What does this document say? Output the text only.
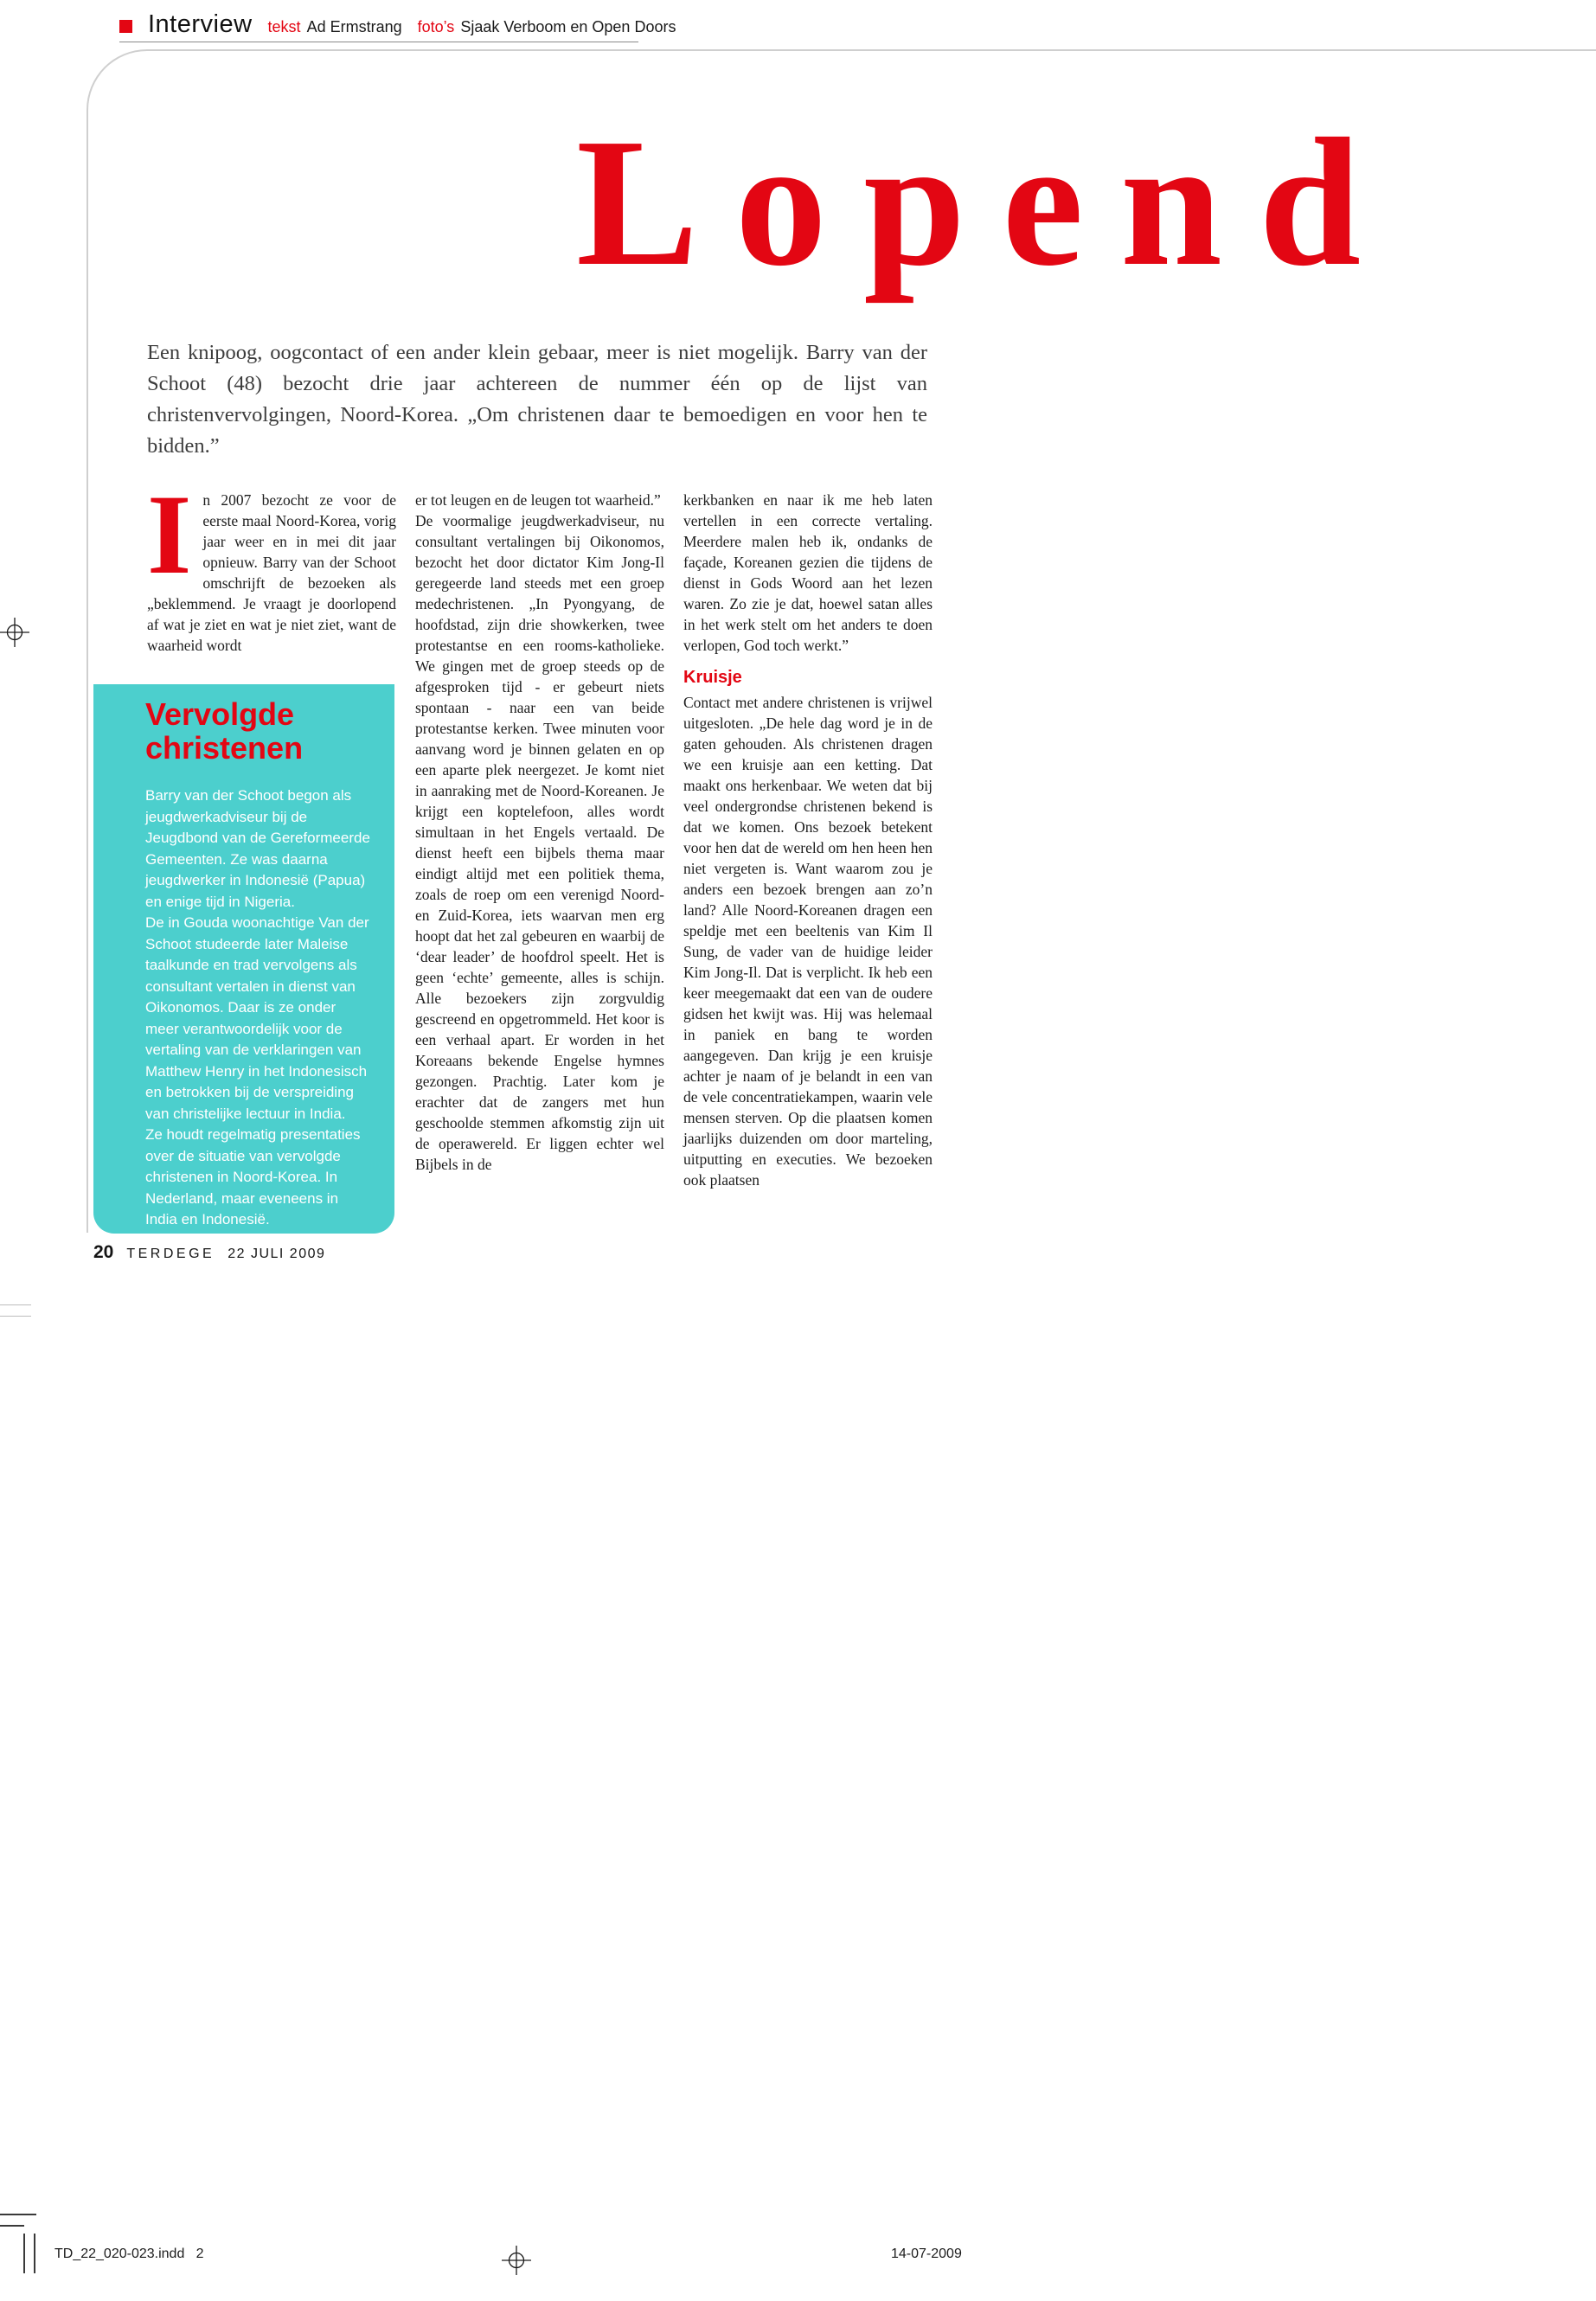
Interview tekst Ad Ermstrang foto’s Sjaak Verboom en Open Doors
Lopend

Een knipoog, oogcontact of een ander klein gebaar, meer is niet mogelijk. Barry van der Schoot (48) bezocht drie jaar achtereen de nummer één op de lijst van christenvervolgingen, Noord-Korea. „Om christenen daar te bemoedigen en voor hen te bidden.”

In 2007 bezocht ze voor de eerste maal Noord-Korea, vorig jaar weer en in mei dit jaar opnieuw. Barry van der Schoot omschrijft de bezoeken als „beklemmend. Je vraagt je doorlopend af wat je ziet en wat je niet ziet, want de waarheid wordt

er tot leugen en de leugen tot waarheid.”

De voormalige jeugdwerkadviseur, nu consultant vertalingen bij Oikonomos, bezocht het door dictator Kim Jong-Il geregeerde land steeds met een groep medechristenen. „In Pyongyang, de hoofdstad, zijn drie showkerken, twee protestantse en een rooms-katholieke. We gingen met de groep steeds op de afgesproken tijd - er gebeurt niets spontaan - naar een van beide protestantse kerken. Twee minuten voor aanvang word je binnen gelaten en op een aparte plek neergezet. Je komt niet in aanraking met de Noord-Koreanen. Je krijgt een koptelefoon, alles wordt simultaan in het Engels vertaald. De dienst heeft een bijbels thema maar eindigt altijd met een politiek thema, zoals de roep om een verenigd Noord- en Zuid-Korea, iets waarvan men erg hoopt dat het zal gebeuren en waarbij de ‘dear leader’ de hoofdrol speelt. Het is geen ‘echte’ gemeente, alles is schijn. Alle bezoekers zijn zorgvuldig gescreend en opgetrommeld. Het koor is een verhaal apart. Er worden in het Koreaans bekende Engelse hymnes gezongen. Prachtig. Later kom je erachter dat de zangers met hun geschoolde stemmen afkomstig zijn uit de operawereld. Er liggen echter wel Bijbels in de

kerkbanken en naar ik me heb laten vertellen in een correcte vertaling. Meerdere malen heb ik, ondanks de façade, Koreanen gezien die tijdens de dienst in Gods Woord aan het lezen waren. Zo zie je dat, hoewel satan alles in het werk stelt om het anders te doen verlopen, God toch werkt.”

Kruisje

Contact met andere christenen is vrijwel uitgesloten. „De hele dag word je in de gaten gehouden. Als christenen dragen we een kruisje aan een ketting. Dat maakt ons herkenbaar. We weten dat bij veel ondergrondse christenen bekend is dat we komen. Ons bezoek betekent voor hen dat de wereld om hen heen hen niet vergeten is. Want waarom zou je anders een bezoek brengen aan zo’n land? Alle Noord-Koreanen dragen een speldje met een beeltenis van Kim Il Sung, de vader van de huidige leider Kim Jong-Il. Dat is verplicht. Ik heb een keer meegemaakt dat een van de oudere gidsen het kwijt was. Hij was helemaal in paniek en bang te worden aangegeven. Dan krijg je een kruisje achter je naam of je belandt in een van de vele concentratiekampen, waarin vele mensen sterven. Op die plaatsen komen jaarlijks duizenden om door marteling, uitputting en executies. We bezoeken ook plaatsen

Vervolgde christenen

Barry van der Schoot begon als jeugdwerkadviseur bij de Jeugdbond van de Gereformeerde Gemeenten. Ze was daarna jeugdwerker in Indonesië (Papua) en enige tijd in Nigeria.

De in Gouda woonachtige Van der Schoot studeerde later Maleise taalkunde en trad vervolgens als consultant vertalen in dienst van Oikonomos. Daar is ze onder meer verantwoordelijk voor de vertaling van de verklaringen van Matthew Henry in het Indonesisch en betrokken bij de verspreiding van christelijke lectuur in India.

Ze houdt regelmatig presentaties over de situatie van vervolgde christenen in Noord-Korea. In Nederland, maar eveneens in India en Indonesië.

20 TERDEGE 22 JULI 2009
TD_22_020-023.indd   2	14-07-2009
